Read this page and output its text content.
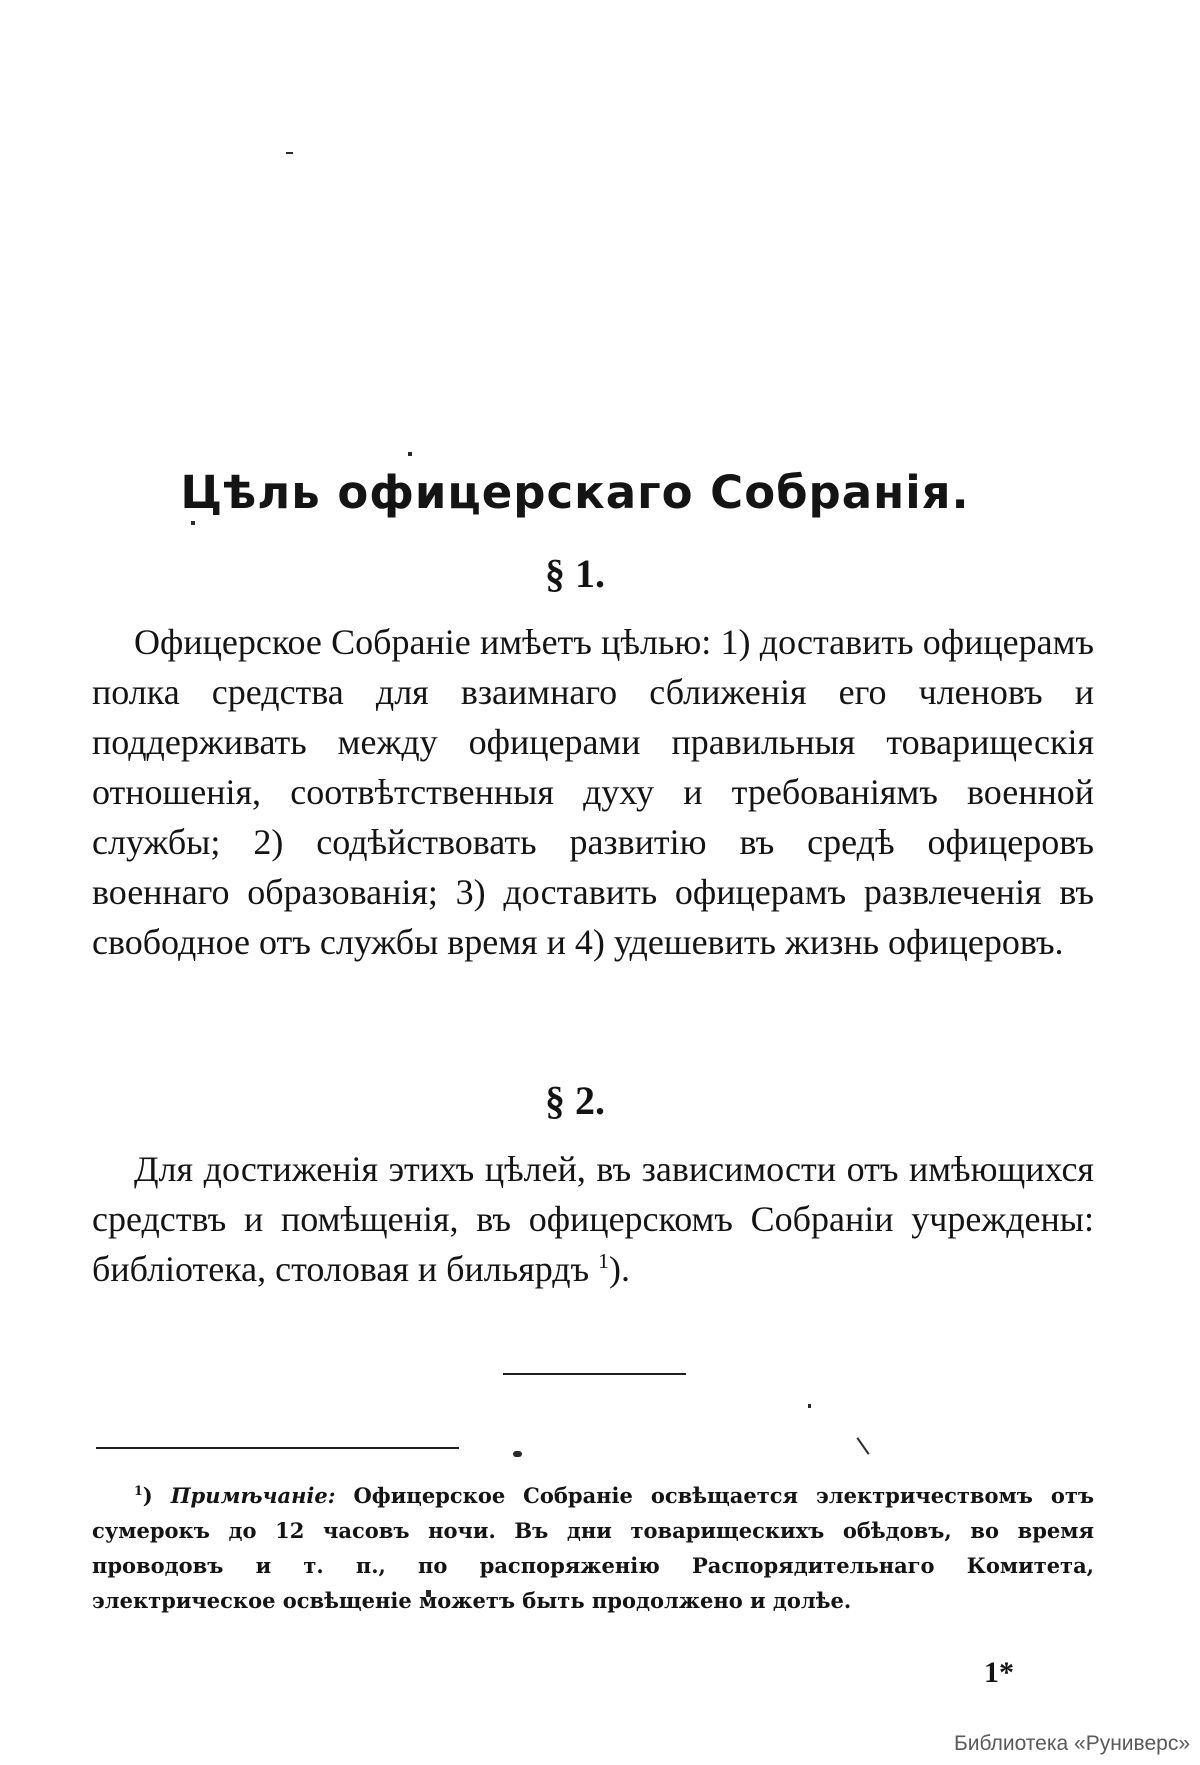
Цѣль офицерскаго Собранія.
§ 1.

Офицерское Собраніе имѣетъ цѣлью: 1) доставить офицерамъ полка средства для взаимнаго сближенія его членовъ и поддерживать между офицерами правильныя товарищескія отношенія, соотвѣтственныя духу и требованіямъ военной службы; 2) содѣйствовать развитію въ средѣ офицеровъ военнаго образованія; 3) доставить офицерамъ развлеченія въ свободное отъ службы время и 4) удешевить жизнь офицеровъ.

§ 2.

Для достиженія этихъ цѣлей, въ зависимости отъ имѣющихся средствъ и помѣщенія, въ офицерскомъ Собраніи учреждены: библіотека, столовая и бильярдъ $^1$).

$^1$) Примѣчаніе: Офицерское Собраніе освѣщается электричествомъ отъ сумерокъ до 12 часовъ ночи. Въ дни товарищескихъ обѣдовъ, во время проводовъ и т. п., по распоряженію Распорядительнаго Комитета, электрическое освѣщеніе можетъ быть продолжено и долѣе.

1*
Библиотека «Руниверс»
